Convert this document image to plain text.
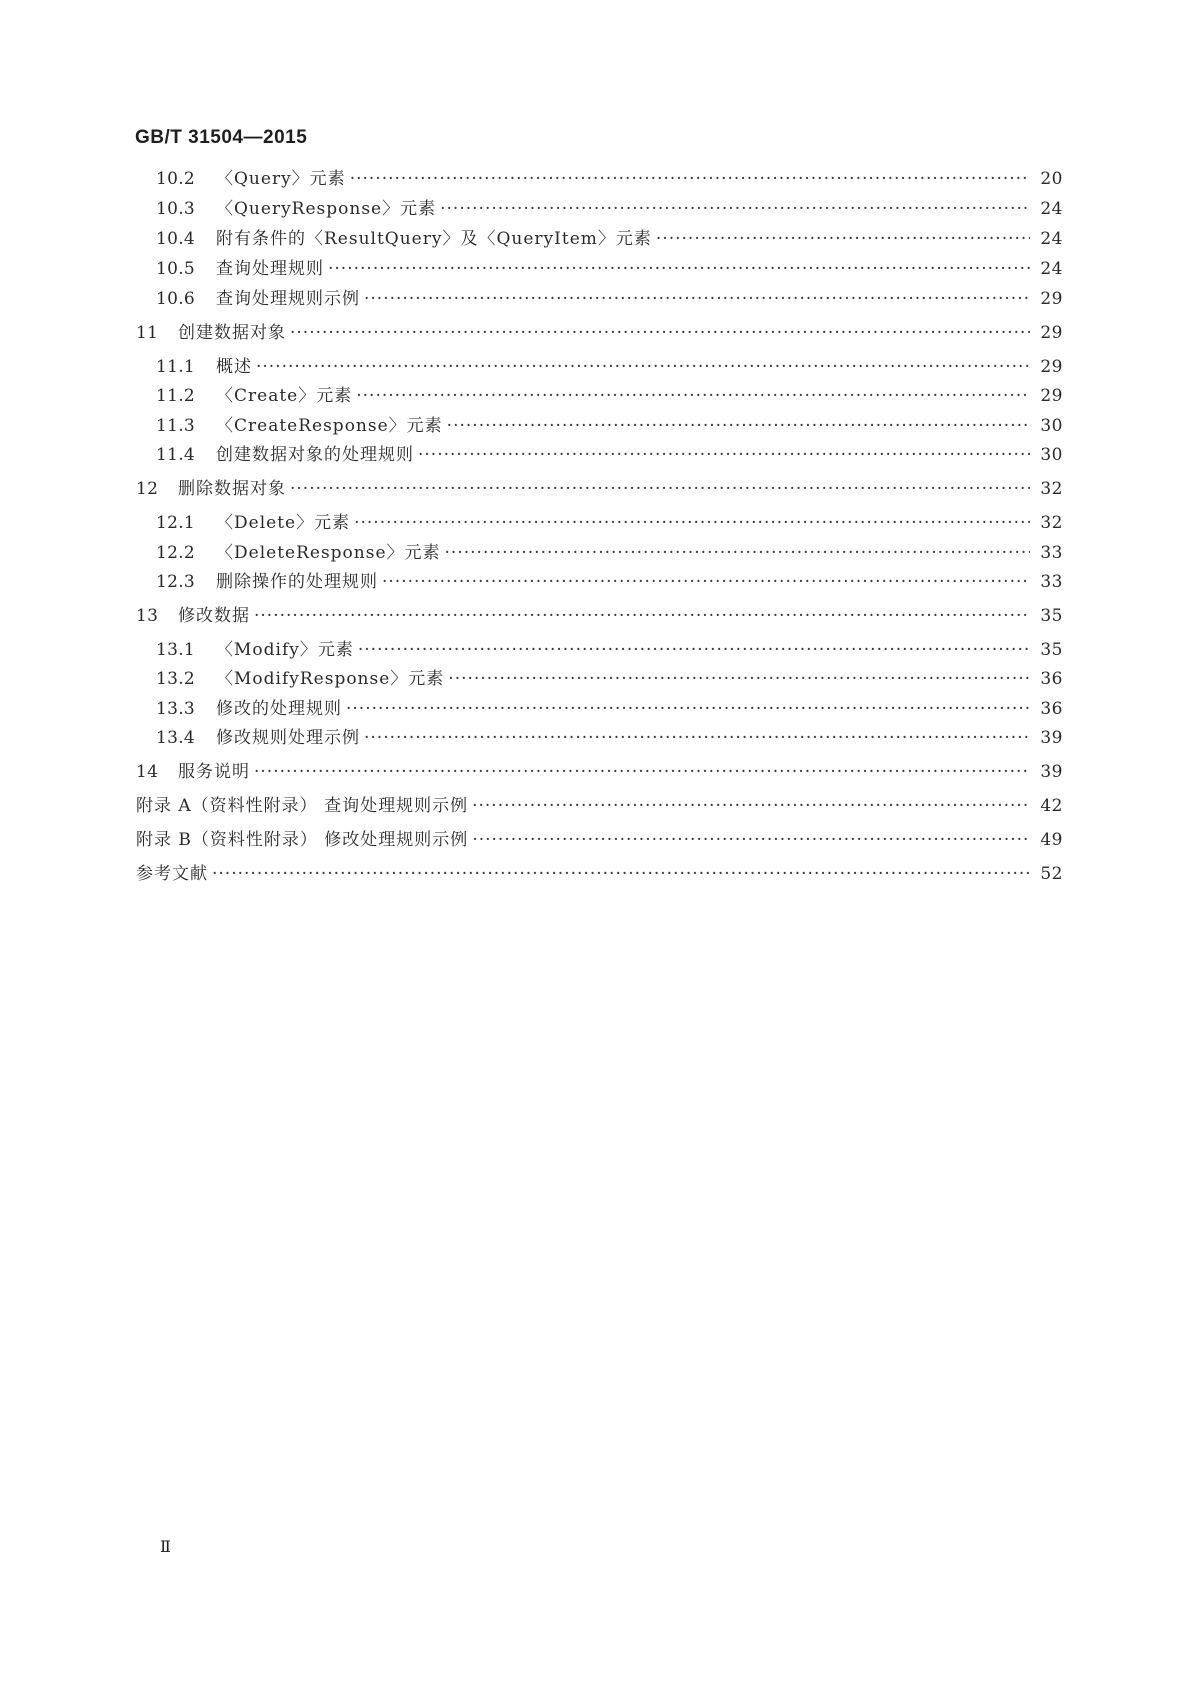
GB/T 31504—2015
10.2	〈Query〉元素 ·····	20
10.3	〈QueryResponse〉元素 ·····	24
10.4	附有条件的〈ResultQuery〉及〈QueryItem〉元素 ·····	24
10.5	查询处理规则 ·····	24
10.6	查询处理规则示例 ·····	29
11	创建数据对象 ·····	29
11.1	概述 ·····	29
11.2	〈Create〉元素 ·····	29
11.3	〈CreateResponse〉元素 ·····	30
11.4	创建数据对象的处理规则 ·····	30
12	删除数据对象 ·····	32
12.1	〈Delete〉元素 ·····	32
12.2	〈DeleteResponse〉元素 ·····	33
12.3	删除操作的处理规则 ·····	33
13	修改数据 ·····	35
13.1	〈Modify〉元素 ·····	35
13.2	〈ModifyResponse〉元素 ·····	36
13.3	修改的处理规则 ·····	36
13.4	修改规则处理示例 ·····	39
14	服务说明 ·····	39
附录 A（资料性附录） 查询处理规则示例 ·····	42
附录 B（资料性附录） 修改处理规则示例 ·····	49
参考文献 ·····	52
Ⅱ
